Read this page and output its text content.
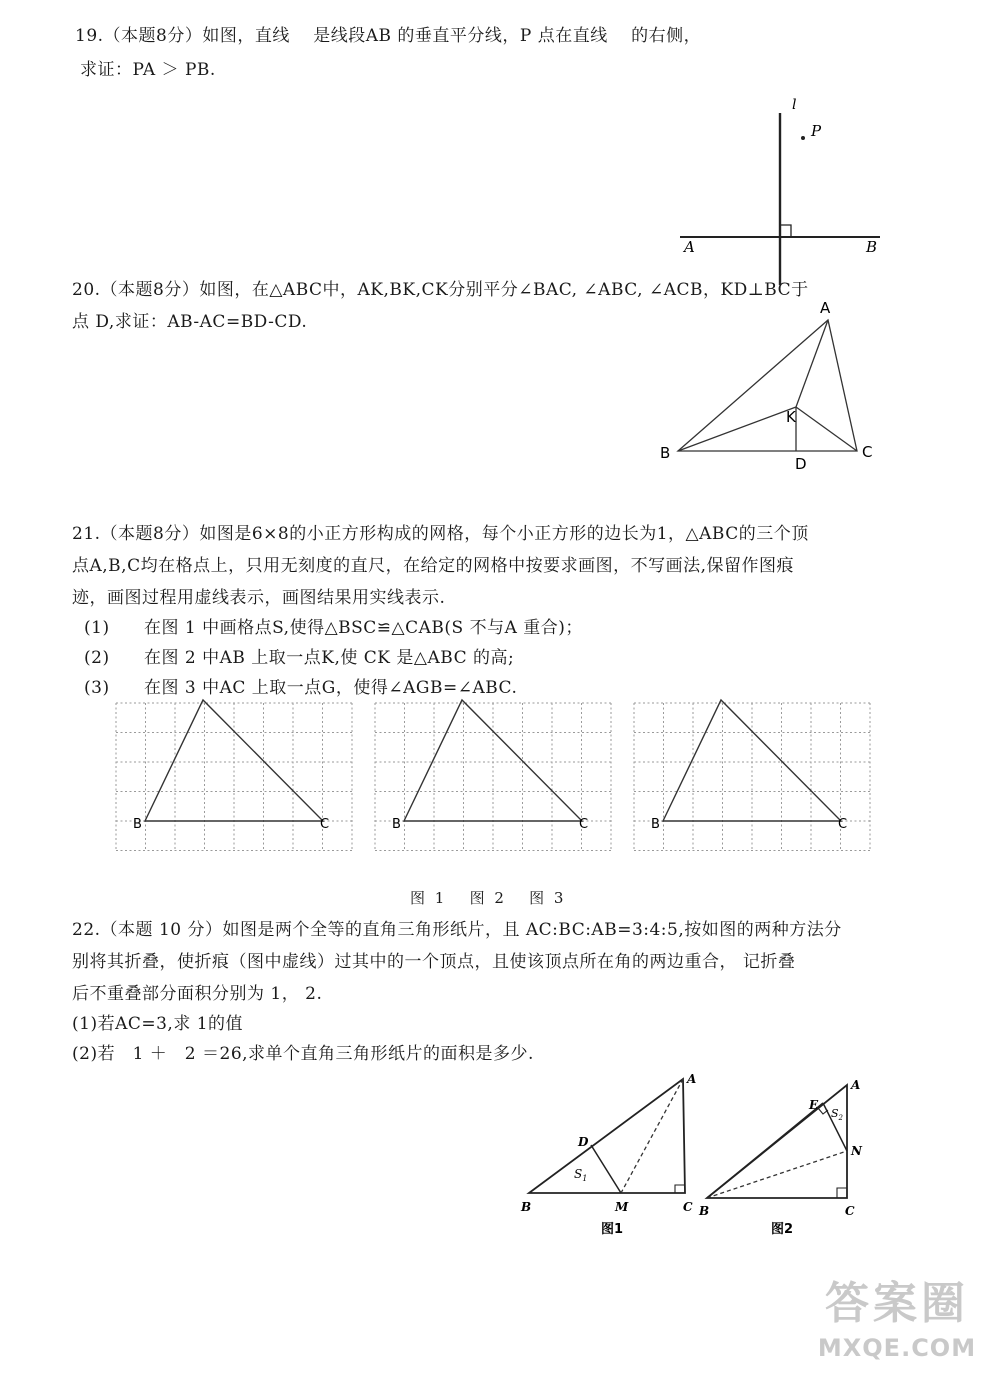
19.（本题8分）如图，直线　 是线段AB 的垂直平分线，P 点在直线　 的右侧，
求证：PA ＞ PB.
l
P
A	B
20.（本题8分）如图，在△ABC中，AK,BK,CK分别平分∠BAC, ∠ABC, ∠ACB，KD⊥BC于
点 D,求证：AB-AC=BD-CD.
A
B	C
K
D
21.（本题8分）如图是6×8的小正方形构成的网格，每个小正方形的边长为1，△ABC的三个顶
点A,B,C均在格点上，只用无刻度的直尺，在给定的网格中按要求画图，不写画法,保留作图痕
迹，画图过程用虚线表示，画图结果用实线表示.
(1) 在图 1 中画格点S,使得△BSC≌△CAB(S 不与A 重合)；
(2) 在图 2 中AB 上取一点K,使 CK 是△ABC 的高;
(3) 在图 3 中AC 上取一点G，使得∠AGB=∠ABC.
B	C	B	C	B	C
图 1　 图 2　 图 3
22.（本题 10 分）如图是两个全等的直角三角形纸片，且 AC:BC:AB=3:4:5,按如图的两种方法分
别将其折叠，使折痕（图中虚线）过其中的一个顶点，且使该顶点所在角的两边重合， 记折叠
后不重叠部分面积分别为 1， 2.
(1)若AC=3,求 1的值
(2)若　1 ＋　2 ＝26,求单个直角三角形纸片的面积是多少.
A
B	C
D
M
$S_1$
图1
A
B	C
E
N
$S_2$
图2
答案圈
MXQE.COM
